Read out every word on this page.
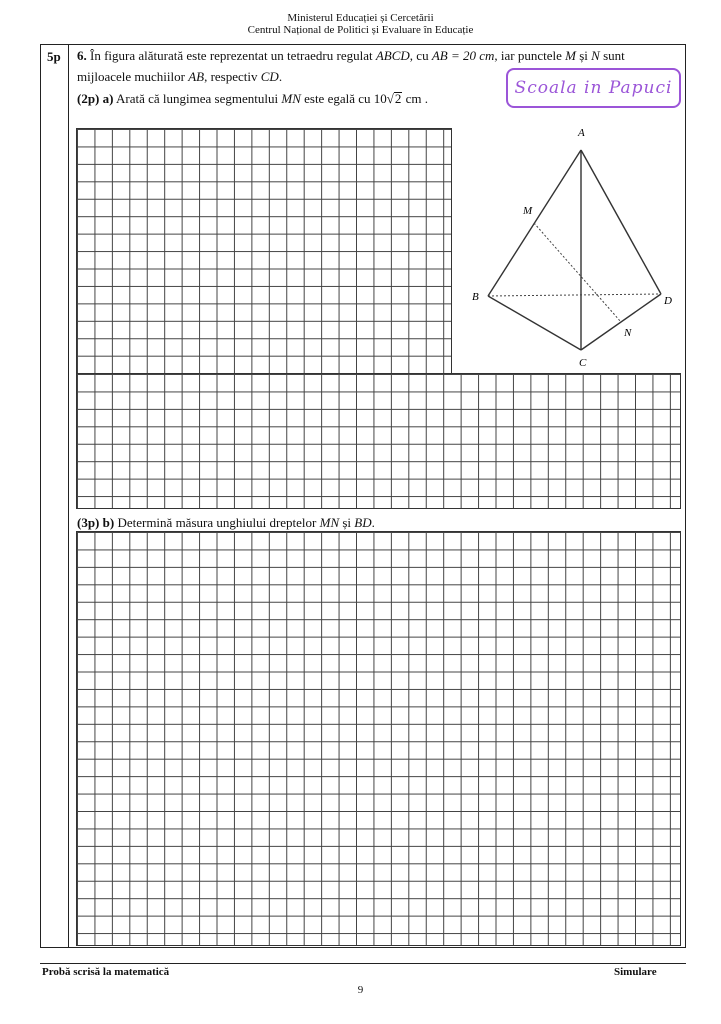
Ministerul Educației și Cercetării
Centrul Național de Politici și Evaluare în Educație
5p 6. În figura alăturată este reprezentat un tetraedru regulat ABCD, cu AB = 20 cm, iar punctele M și N sunt
mijloacele muchiilor AB, respectiv CD.
(2p) a) Arată că lungimea segmentului MN este egală cu 10√2 cm .
(3p) b) Determină măsura unghiului dreptelor MN și BD.
Scoala in Papuci
A
B
C
D
M
N
Probă scrisă la matematică	Simulare
9
